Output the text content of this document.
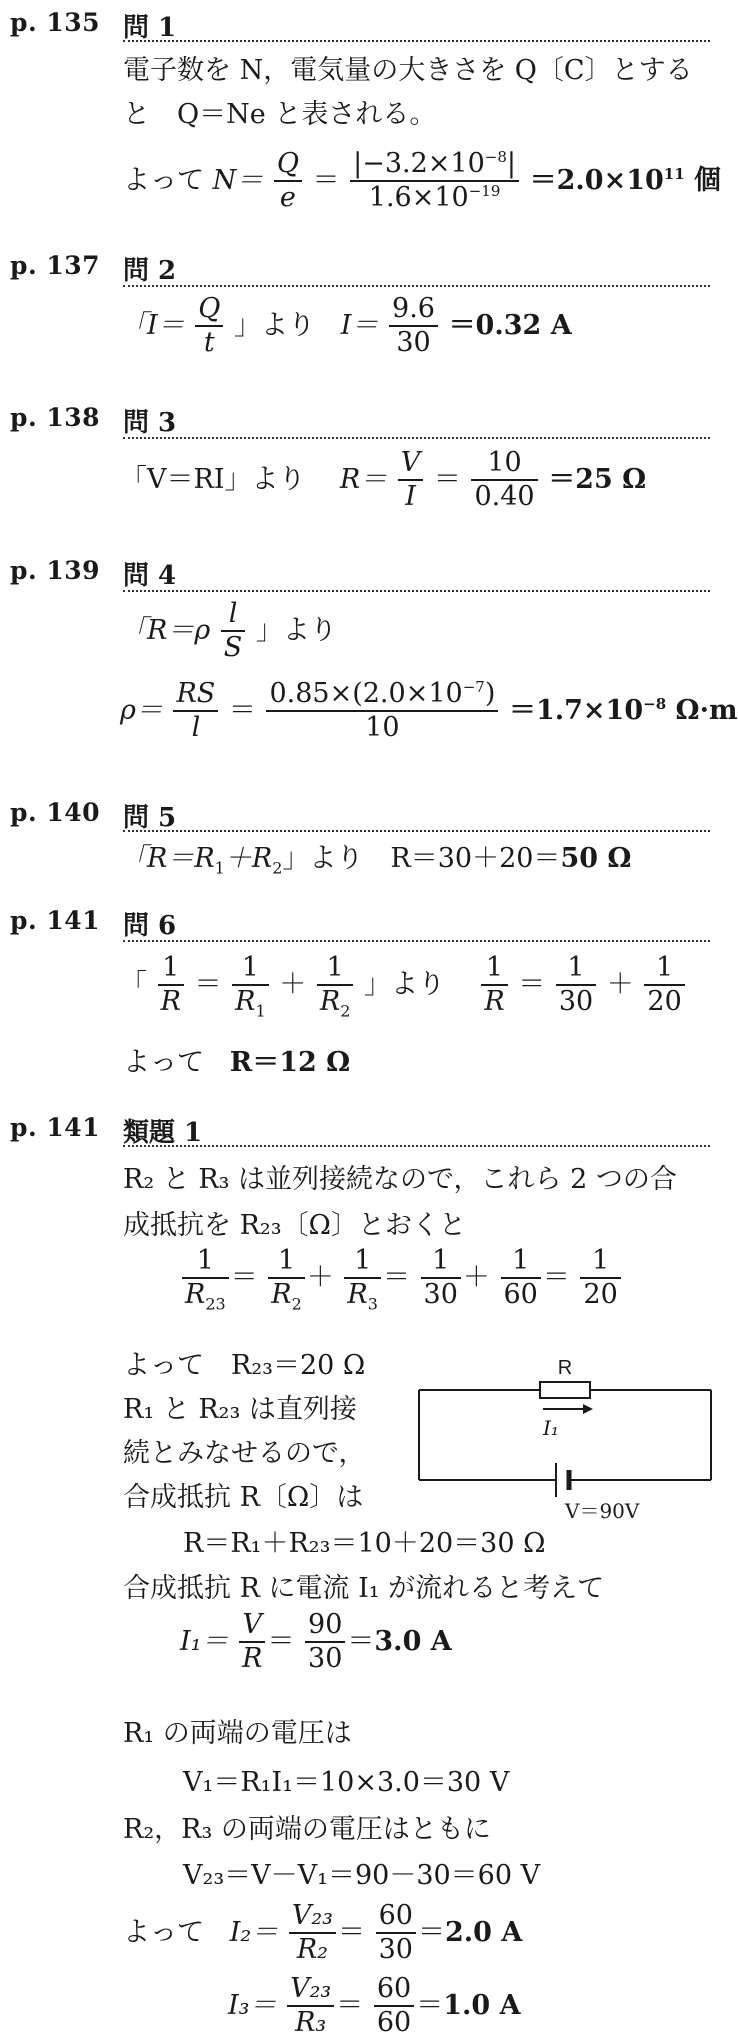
p. 135 問 1
電子数を N，電気量の大きさを Q〔C〕とする
と　Q＝Ne と表される。
よって $N= \frac{Q}{e} = \frac{|-3.2\times 10^{-8}|}{1.6\times 10^{-19}} =2.0\times 10^{11}$ 個
p. 137 問 2
「$I= \frac{Q}{t}$ 」より $I= \frac{9.6}{30} =0.32$ A
p. 138 問 3
「V＝RI」より $R= \frac{V}{I} = \frac{10}{0.40} =25$ Ω
p. 139 問 4
「$R=\rho \frac{l}{S}$ 」より
$\rho= \frac{RS}{l} = \frac{0.85\times(2.0\times 10^{-7})}{10} =1.7\times 10^{-8}$ Ω·m
p. 140 問 5
「$R=R_1+R_2$」より　R＝30＋20＝50 Ω
p. 141 問 6
「 $\frac{1}{R} = \frac{1}{R_1} + \frac{1}{R_2}$ 」より $\frac{1}{R} = \frac{1}{30} + \frac{1}{20}$
よって R＝12 Ω
p. 141 類題 1
R₂ と R₃ は並列接続なので，これら 2 つの合
成抵抗を R₂₃〔Ω〕とおくと
$\frac{1}{R_{23}} = \frac{1}{R_2} + \frac{1}{R_3} = \frac{1}{30} + \frac{1}{60} = \frac{1}{20}$
よって　R₂₃＝20 Ω
R₁ と R₂₃ は直列接
続とみなせるので，
合成抵抗 R〔Ω〕は
R＝R₁＋R₂₃＝10＋20＝30 Ω
合成抵抗 R に電流 I₁ が流れると考えて
$I_1= \frac{V}{R} = \frac{90}{30} =3.0$ A
R₁ の両端の電圧は
V₁＝R₁I₁＝10×3.0＝30 V
R₂，R₃ の両端の電圧はともに
V₂₃＝V－V₁＝90－30＝60 V
よって $I_2= \frac{\text{V₂₃}}{\text{R₂}} = \frac{60}{30} =2.0$ A
$I_3= \frac{\text{V₂₃}}{\text{R₃}} = \frac{60}{60} =1.0$ A
R
I₁
V＝90V
